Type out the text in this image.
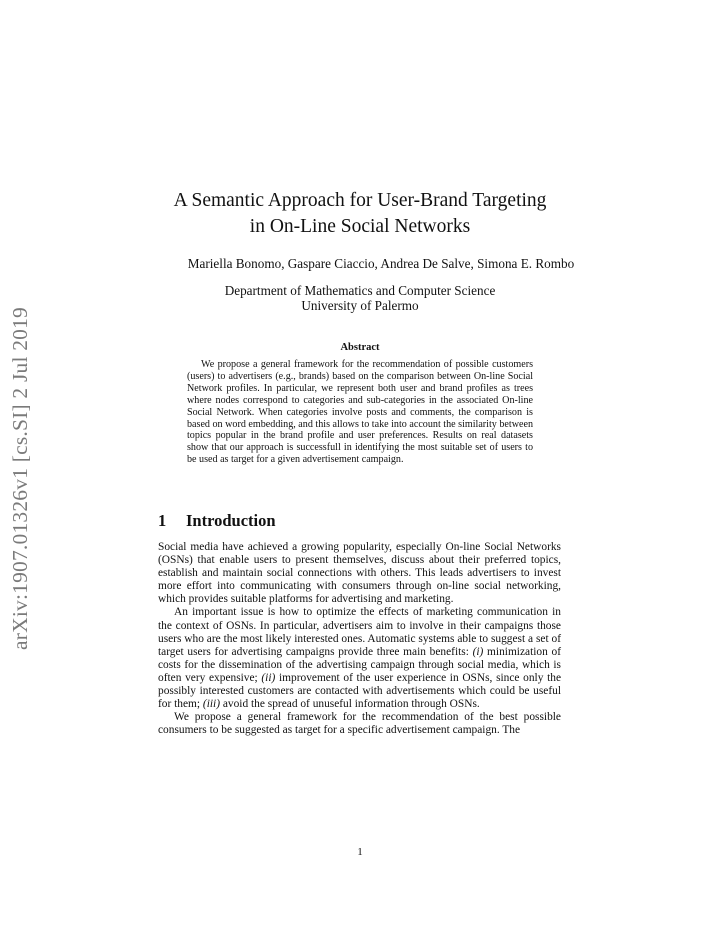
arXiv:1907.01326v1 [cs.SI] 2 Jul 2019
A Semantic Approach for User-Brand Targeting
in On-Line Social Networks
Mariella Bonomo, Gaspare Ciaccio, Andrea De Salve, Simona E. Rombo
Department of Mathematics and Computer Science
University of Palermo
Abstract
We propose a general framework for the recommendation of possible customers (users) to advertisers (e.g., brands) based on the comparison between On-line Social Network profiles. In particular, we represent both user and brand profiles as trees where nodes correspond to categories and sub-categories in the associated On-line Social Network. When categories involve posts and comments, the comparison is based on word embedding, and this allows to take into account the similarity between topics popular in the brand profile and user preferences. Results on real datasets show that our approach is successfull in identifying the most suitable set of users to be used as target for a given advertisement campaign.
1 Introduction

Social media have achieved a growing popularity, especially On-line Social Networks (OSNs) that enable users to present themselves, discuss about their preferred topics, establish and maintain social connections with others. This leads advertisers to invest more effort into communicating with consumers through on-line social networking, which provides suitable platforms for advertising and marketing.

An important issue is how to optimize the effects of marketing communication in the context of OSNs. In particular, advertisers aim to involve in their campaigns those users who are the most likely interested ones. Automatic systems able to suggest a set of target users for advertising campaigns provide three main benefits: (i) minimization of costs for the dissemination of the advertising campaign through social media, which is often very expensive; (ii) improvement of the user experience in OSNs, since only the possibly interested customers are contacted with advertisements which could be useful for them; (iii) avoid the spread of unuseful information through OSNs.

We propose a general framework for the recommendation of the best possible consumers to be suggested as target for a specific advertisement campaign. The

1
